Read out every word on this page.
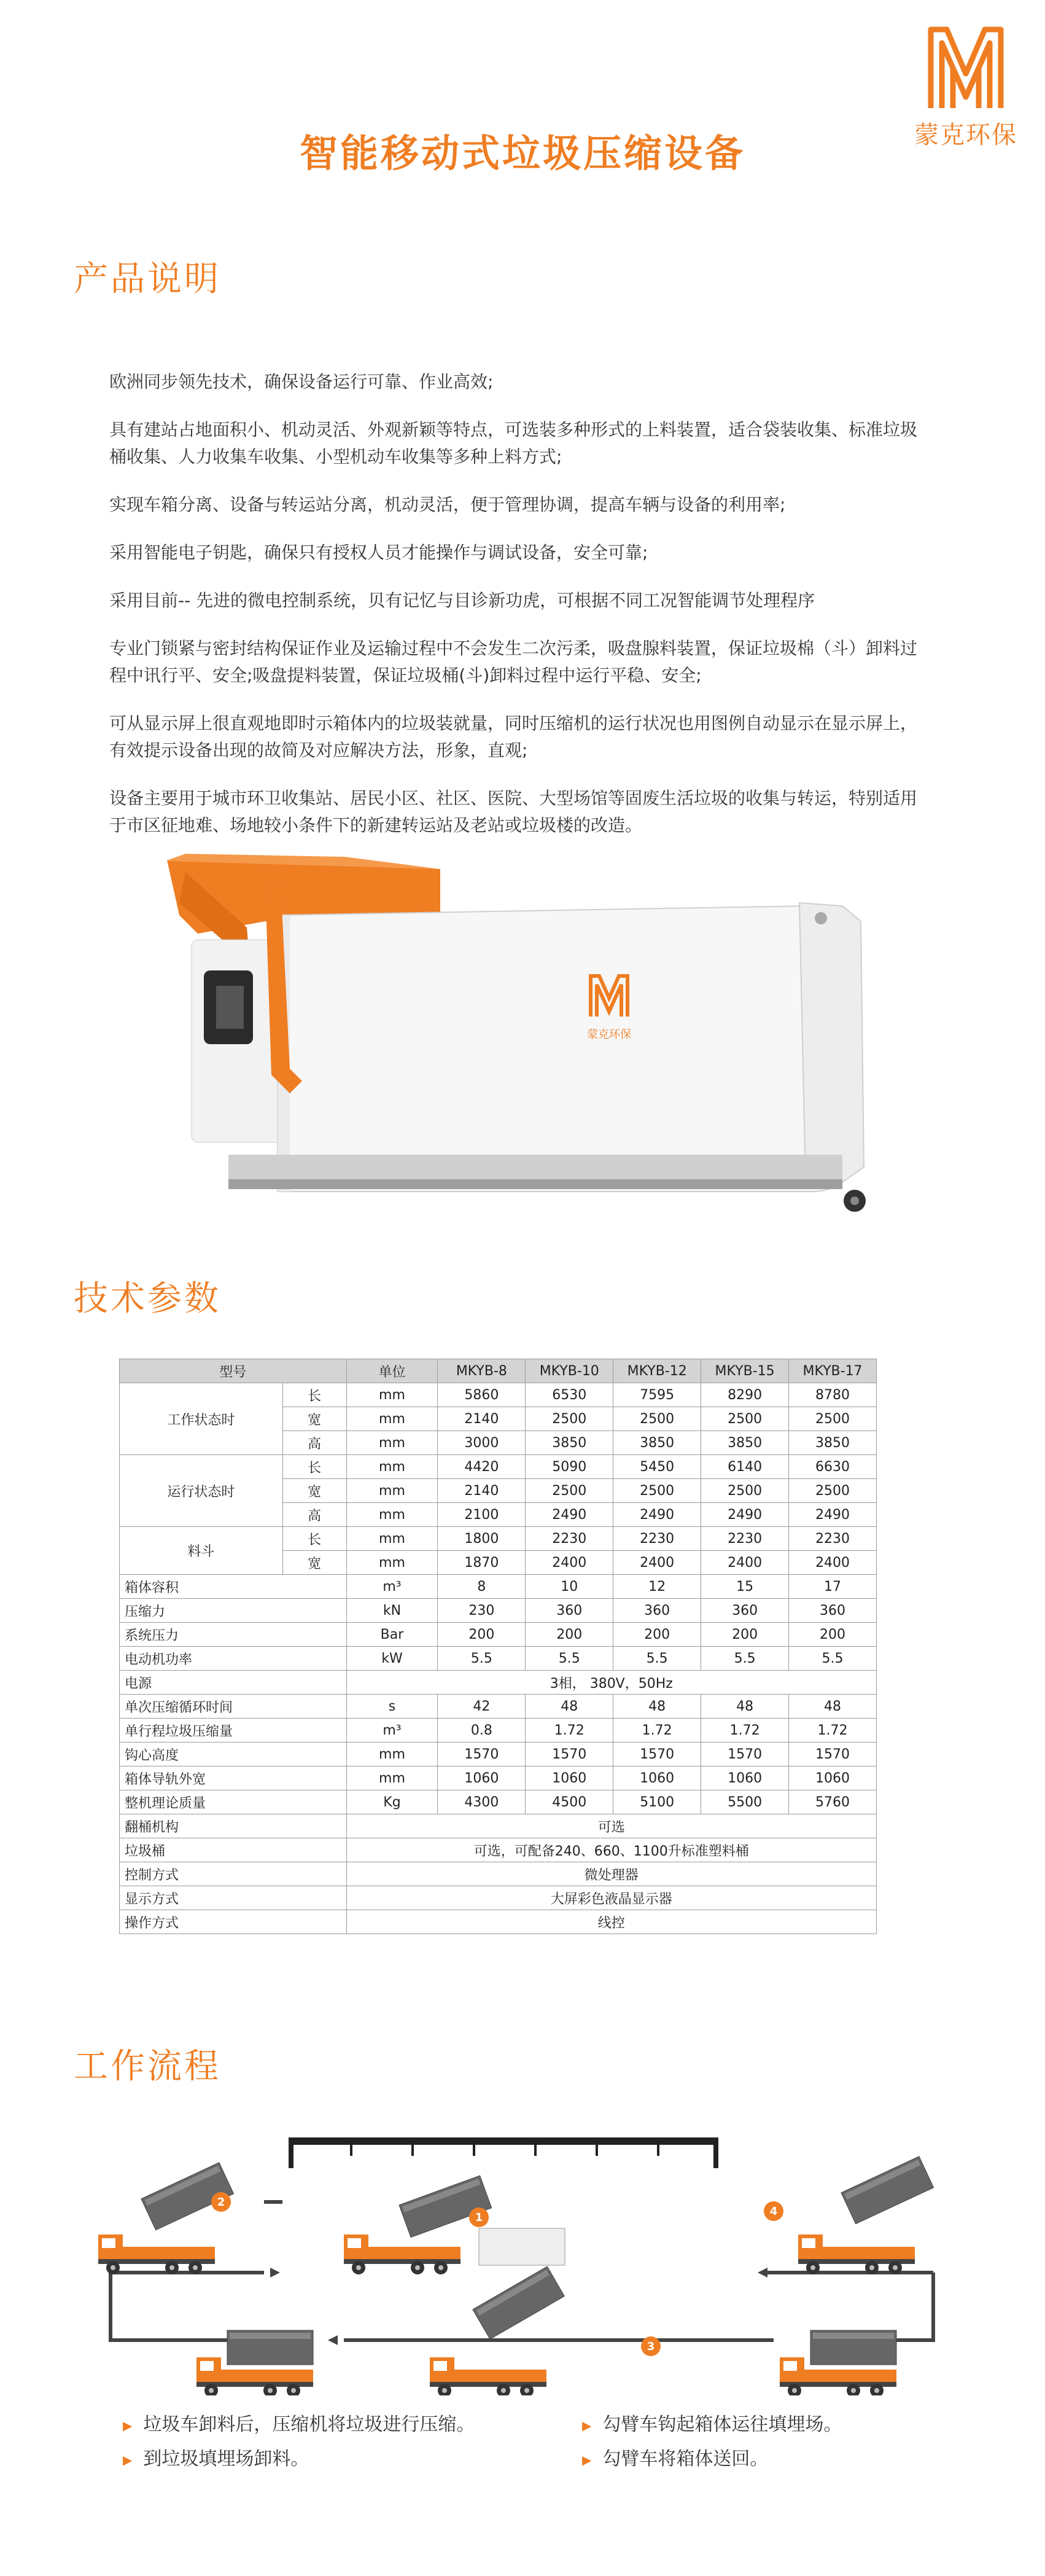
蒙克环保
智能移动式垃圾压缩设备
产品说明

欧洲同步领先技术，确保设备运行可靠、作业高效;

具有建站占地面积小、机动灵活、外观新颖等特点，可选装多种形式的上料装置，适合袋装收集、标准垃圾桶收集、人力收集车收集、小型机动车收集等多种上料方式;

实现车箱分离、设备与转运站分离，机动灵活，便于管理协调，提高车辆与设备的利用率;

采用智能电子钥匙，确保只有授权人员才能操作与调试设备，安全可靠;

采用目前-- 先进的微电控制系统，贝有记忆与目诊新功虎，可根据不同工况智能调节处理程序

专业门锁紧与密封结构保证作业及运输过程中不会发生二次污柔，吸盘腺料装置，保证垃圾棉（斗）卸料过程中讯行平、安全;吸盘提料装置，保证垃圾桶(斗)卸料过程中运行平稳、安全;

可从显示屏上很直观地即时示箱体内的垃圾装就量，同时压缩机的运行状况也用图例自动显示在显示屏上，有效提示设备出现的故简及对应解决方法，形象，直观;

设备主要用于城市环卫收集站、居民小区、社区、医院、大型场馆等固废生活垃圾的收集与转运，特别适用于市区征地难、场地较小条件下的新建转运站及老站或垃圾楼的改造。

蒙克环保
技术参数
型号		单位	MKYB-8	MKYB-10	MKYB-12	MKYB-15	MKYB-17
工作状态时	长	mm	5860	6530	7595	8290	8780
	宽	mm	2140	2500	2500	2500	2500
	高	mm	3000	3850	3850	3850	3850
运行状态时	长	mm	4420	5090	5450	6140	6630
	宽	mm	2140	2500	2500	2500	2500
	高	mm	2100	2490	2490	2490	2490
料斗	长	mm	1800	2230	2230	2230	2230
	宽	mm	1870	2400	2400	2400	2400
箱体容积		m³	8	10	12	15	17
压缩力		kN	230	360	360	360	360
系统压力		Bar	200	200	200	200	200
电动机功率		kW	5.5	5.5	5.5	5.5	5.5
电源		3相， 380V，50Hz					
单次压缩循环时间		s	42	48	48	48	48
单行程垃圾压缩量		m³	0.8	1.72	1.72	1.72	1.72
钩心高度		mm	1570	1570	1570	1570	1570
箱体导轨外宽		mm	1060	1060	1060	1060	1060
整机理论质量		Kg	4300	4500	5100	5500	5760
翻桶机构		可选					
垃圾桶		可选，可配备240、660、1100升标准塑料桶					
控制方式		微处理器					
显示方式		大屏彩色液晶显示器					
操作方式		线控					
工作流程
1
2
3
4
▶ 垃圾车卸料后，压缩机将垃圾进行压缩。
▶ 到垃圾填埋场卸料。
▶ 勾臂车钩起箱体运往填埋场。
▶ 勾臂车将箱体送回。
